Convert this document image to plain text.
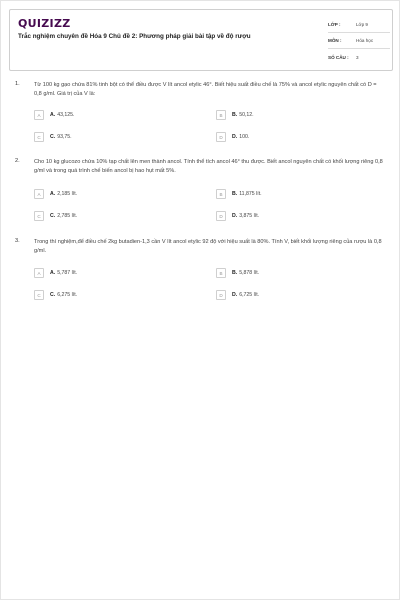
QUIZIZZ
Trắc nghiệm chuyên đề Hóa 9 Chủ đề 2: Phương pháp giải bài tập về độ rượu
LỚP :	Lớp 9
MÔN :	Hóa học
SỐ CÂU :	3
1.	Từ 100 kg gạo chứa 81% tinh bột có thể điều được V lít ancol etylic 46°. Biết hiệu suất điều chế là 75% và ancol etylic nguyên chất có D = 0,8 g/ml. Giá trị của V là:
A	A. 43,125.	B	B. 50,12.
C	C. 93,75.	D	D. 100.
2.	Cho 10 kg glucozo chứa 10% tạp chất lên men thành ancol. Tính thể tích ancol 46° thu được. Biết ancol nguyên chất có khối lượng riêng 0,8 g/ml và trong quá trình chế biến ancol bị hao hụt mất 5%.
A	A. 2,185 lít.	B	B. 11,875 lít.
C	C. 2,785 lít.	D	D. 3,875 lít.
3.	Trong thí nghiệm,để điều chế 2kg butadien-1,3 cần V lít ancol etylic 92 độ với hiệu suất là 80%. Tính V, biết khối lượng riêng của rượu là 0,8 g/ml.
A	A. 5,787 lít.	B	B. 5,878 lít.
C	C. 6,275 lít.	D	D. 6,725 lít.
